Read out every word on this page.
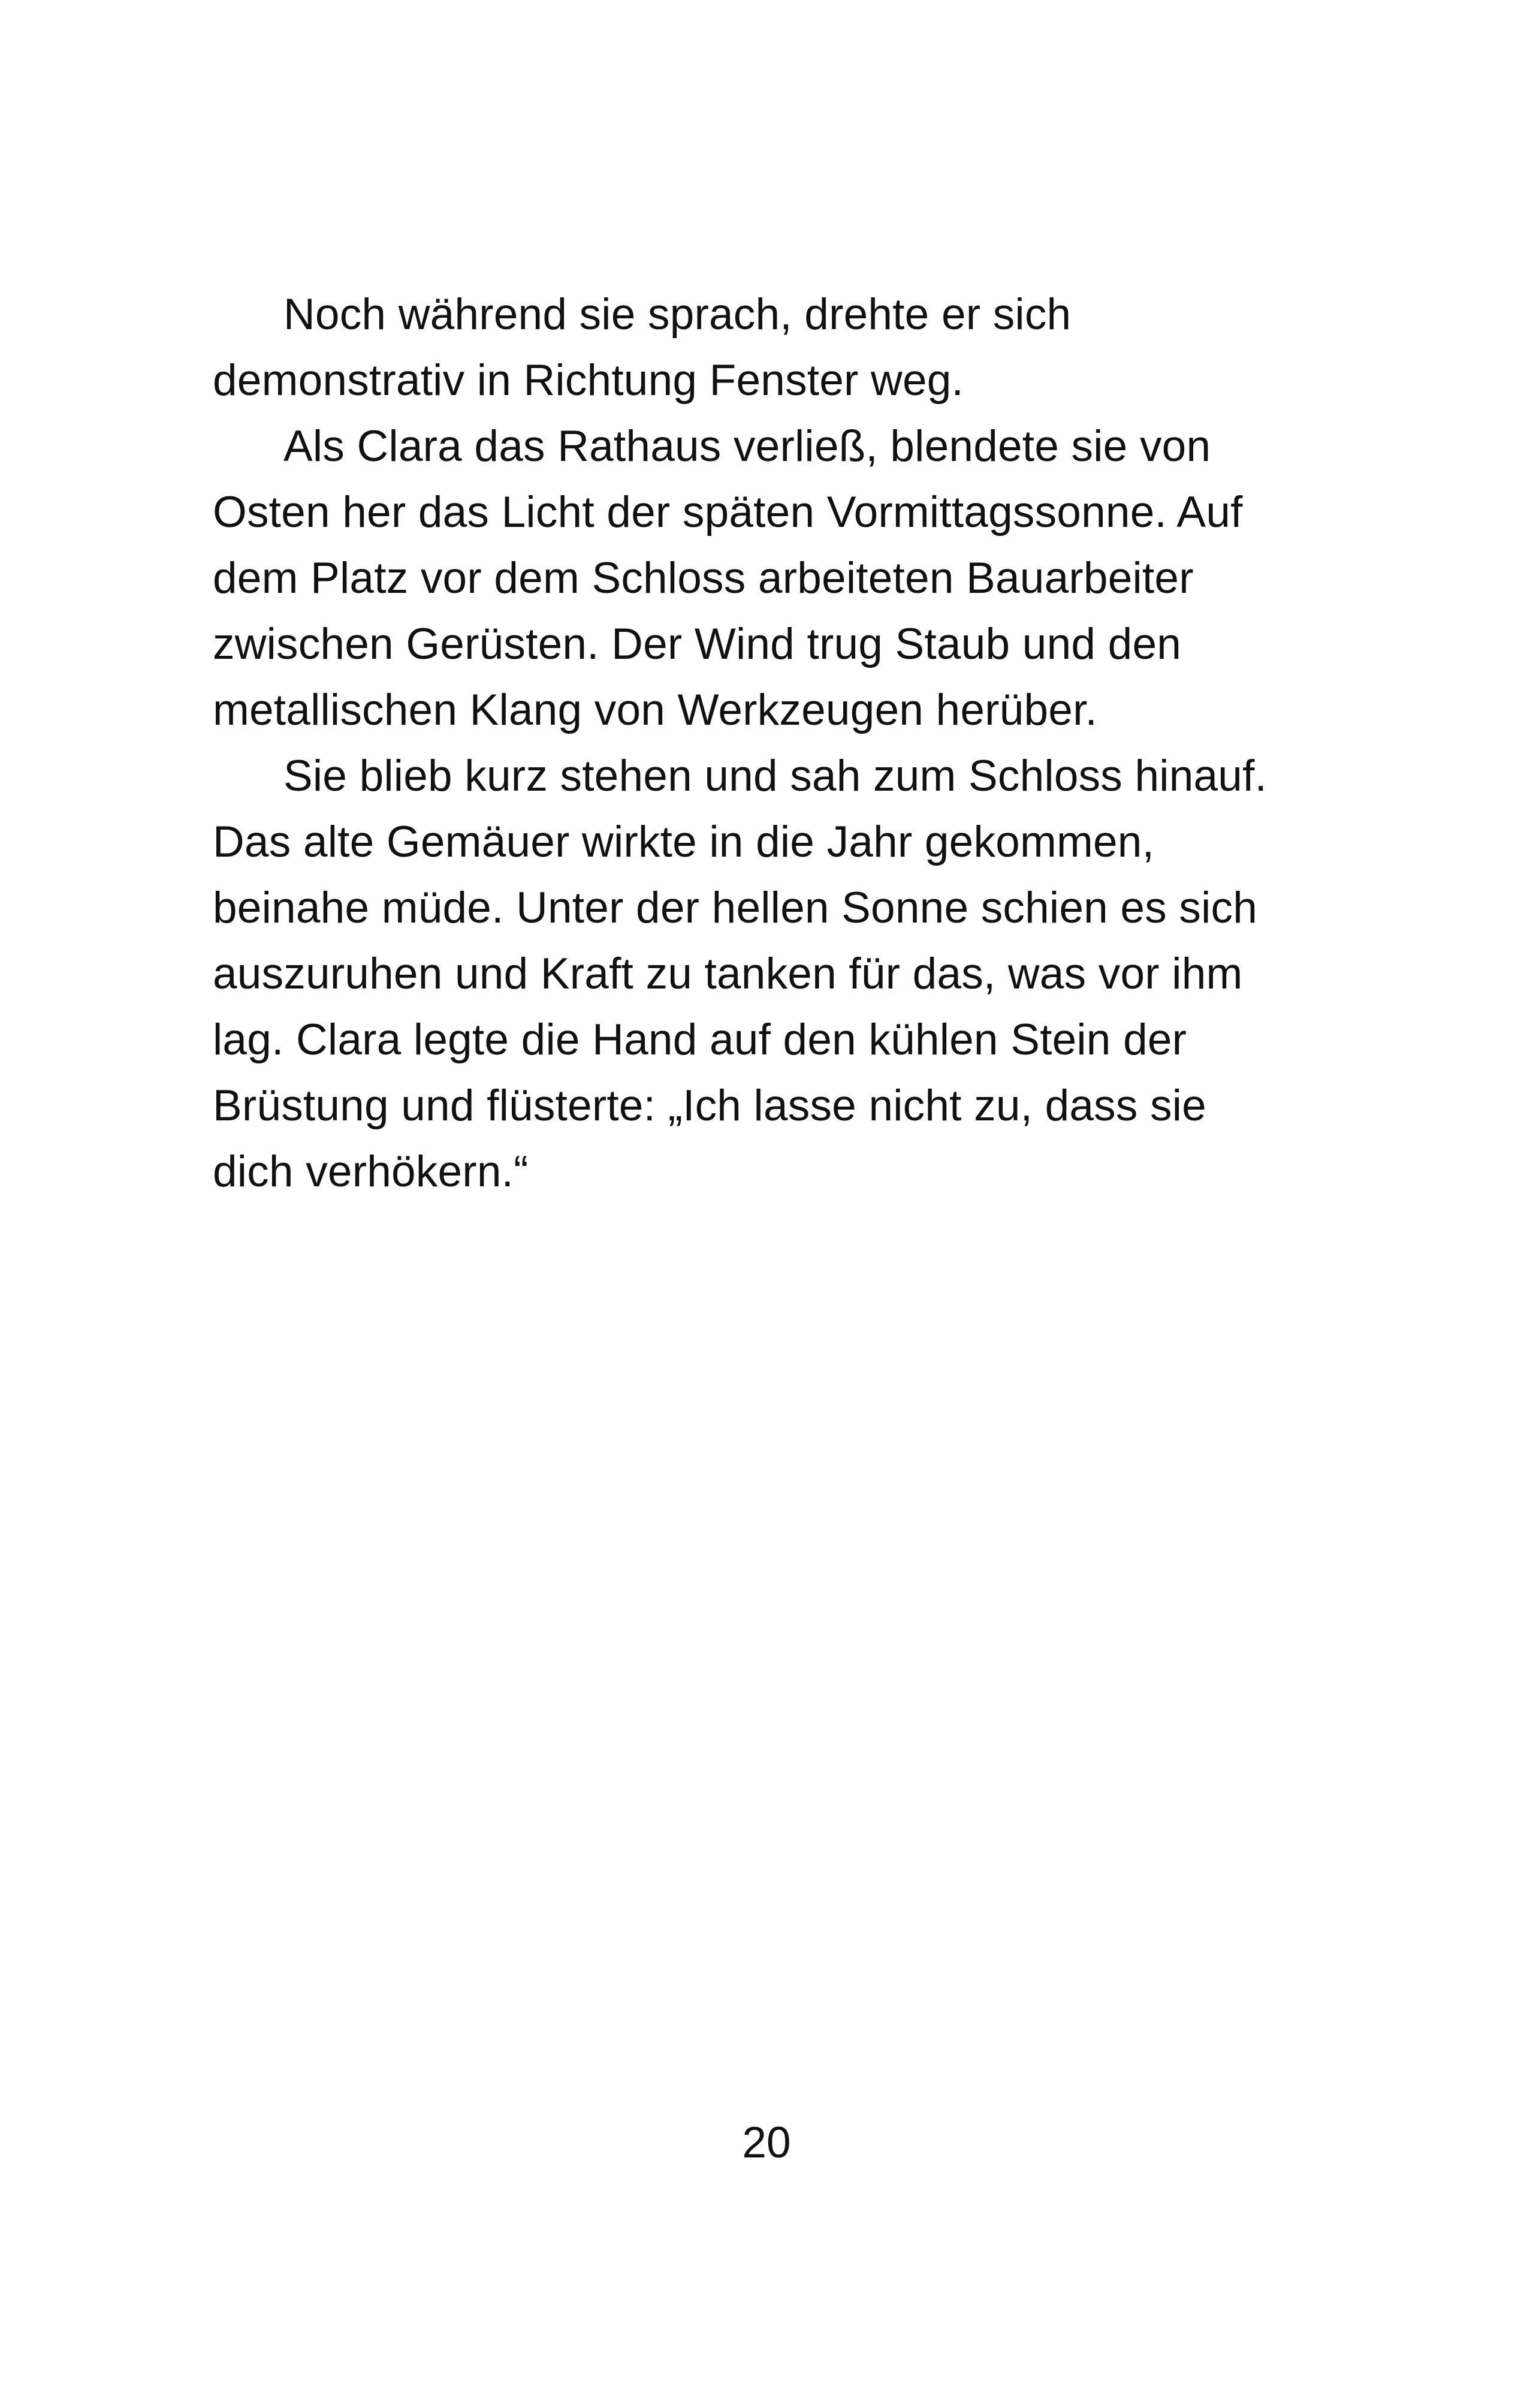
Noch während sie sprach, drehte er sich
demonstrativ in Richtung Fenster weg.
Als Clara das Rathaus verließ, blendete sie von
Osten her das Licht der späten Vormittagssonne. Auf
dem Platz vor dem Schloss arbeiteten Bauarbeiter
zwischen Gerüsten. Der Wind trug Staub und den
metallischen Klang von Werkzeugen herüber.
Sie blieb kurz stehen und sah zum Schloss hinauf.
Das alte Gemäuer wirkte in die Jahr gekommen,
beinahe müde. Unter der hellen Sonne schien es sich
auszuruhen und Kraft zu tanken für das, was vor ihm
lag. Clara legte die Hand auf den kühlen Stein der
Brüstung und flüsterte: „Ich lasse nicht zu, dass sie
dich verhökern.“
20
